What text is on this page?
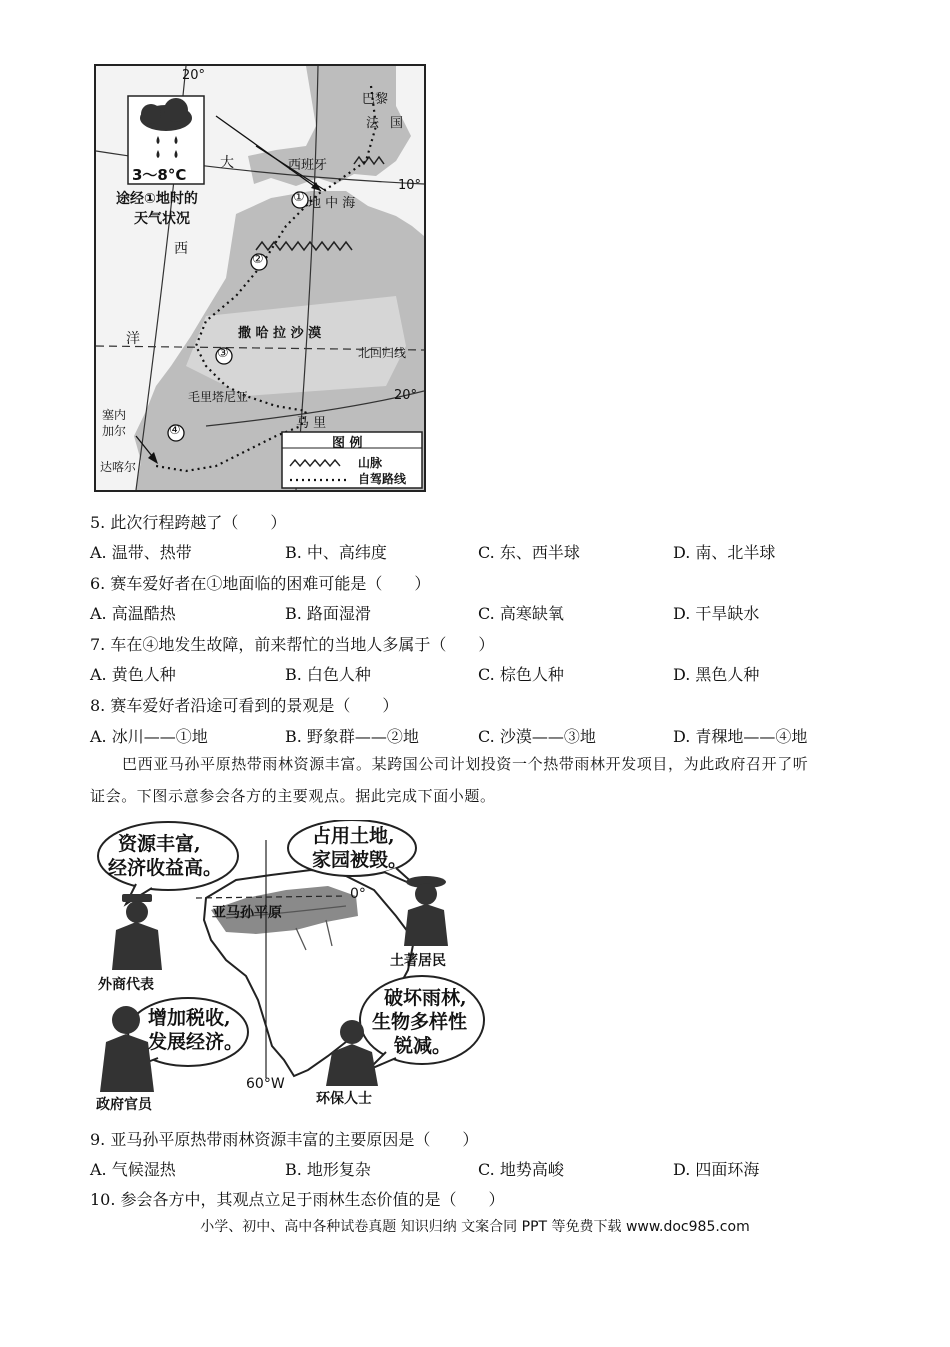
3～8°C
途经①地时的
天气状况
20°
10°
20°
北回归线
大
西
洋
巴黎
法 国
西班牙
地 中 海
撒 哈 拉 沙 漠
毛里塔尼亚
马 里
塞内
加尔
达喀尔
①
②
③
④
图 例
山脉
自驾路线
5. 此次行程跨越了（　　）
A. 温带、热带	B. 中、高纬度	C. 东、西半球	D. 南、北半球
6. 赛车爱好者在①地面临的困难可能是（　　）
A. 高温酷热	B. 路面湿滑	C. 高寒缺氧	D. 干旱缺水
7. 车在④地发生故障，前来帮忙的当地人多属于（　　）
A. 黄色人种	B. 白色人种	C. 棕色人种	D. 黑色人种
8. 赛车爱好者沿途可看到的景观是（　　）
A. 冰川——①地	B. 野象群——②地	C. 沙漠——③地	D. 青稞地——④地
巴西亚马孙平原热带雨林资源丰富。某跨国公司计划投资一个热带雨林开发项目，为此政府召开了听
证会。下图示意参会各方的主要观点。据此完成下面小题。
资源丰富,
经济收益高。
占用土地,
家园被毁。
增加税收,
发展经济。
破坏雨林,
生物多样性
锐减。
亚马孙平原
0°
60°W
外商代表
土著居民
政府官员	环保人士
9. 亚马孙平原热带雨林资源丰富的主要原因是（　　）
A. 气候湿热	B. 地形复杂	C. 地势高峻	D. 四面环海
10. 参会各方中，其观点立足于雨林生态价值的是（　　）
小学、初中、高中各种试卷真题 知识归纳 文案合同 PPT 等免费下载 www.doc985.com
